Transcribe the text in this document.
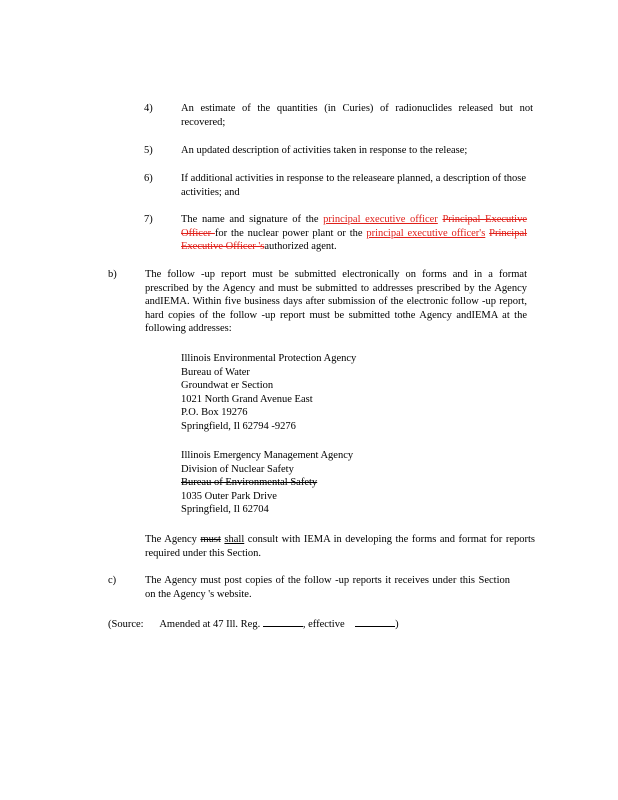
4)	An estimate of the quantities (in Curies) of radionuclides released but not recovered;
5)	An updated description of activities taken in response to the release;
6)	If additional activities in response to the releaseare planned, a description of those activities; and
7)	The name and signature of the principal executive officer Principal Executive Officer for the nuclear power plant or the principal executive officer's Principal Executive Officer 'sauthorized agent.
b)	The follow -up report must be submitted electronically on forms and in a format prescribed by the Agency and must be submitted to addresses prescribed by the Agency andIEMA. Within five business days after submission of the electronic follow -up report, hard copies of the follow -up report must be submitted tothe Agency andIEMA at the following addresses:
Illinois Environmental Protection Agency
Bureau of Water
Groundwat er Section
1021 North Grand Avenue East
P.O. Box 19276
Springfield, Il 62794 -9276
Illinois Emergency Management Agency
Division of Nuclear Safety
Bureau of Environmental Safety
1035 Outer Park Drive
Springfield, Il 62704
The Agency must shall consult with IEMA in developing the forms and format for reports required under this Section.
c)	The Agency must post copies of the follow -up reports it receives under this Section on the Agency 's website.
(Source: Amended at 47 Ill. Reg.	, effective	)
